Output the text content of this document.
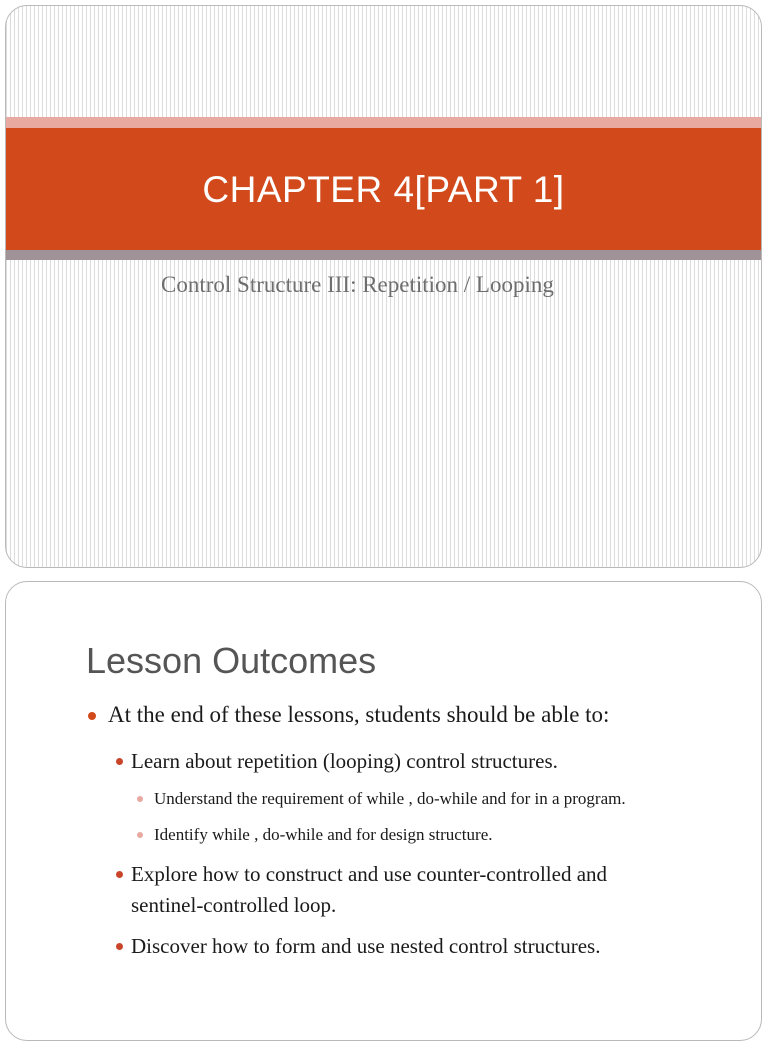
CHAPTER 4[PART 1]
Control Structure III: Repetition / Looping
Lesson Outcomes
At the end of these lessons, students should be able to:
Learn about repetition (looping) control structures.
Understand the requirement of while , do-while and for in a program.
Identify while , do-while and for design structure.
Explore how to construct and use counter-controlled and sentinel-controlled loop.
Discover how to form and use nested control structures.
